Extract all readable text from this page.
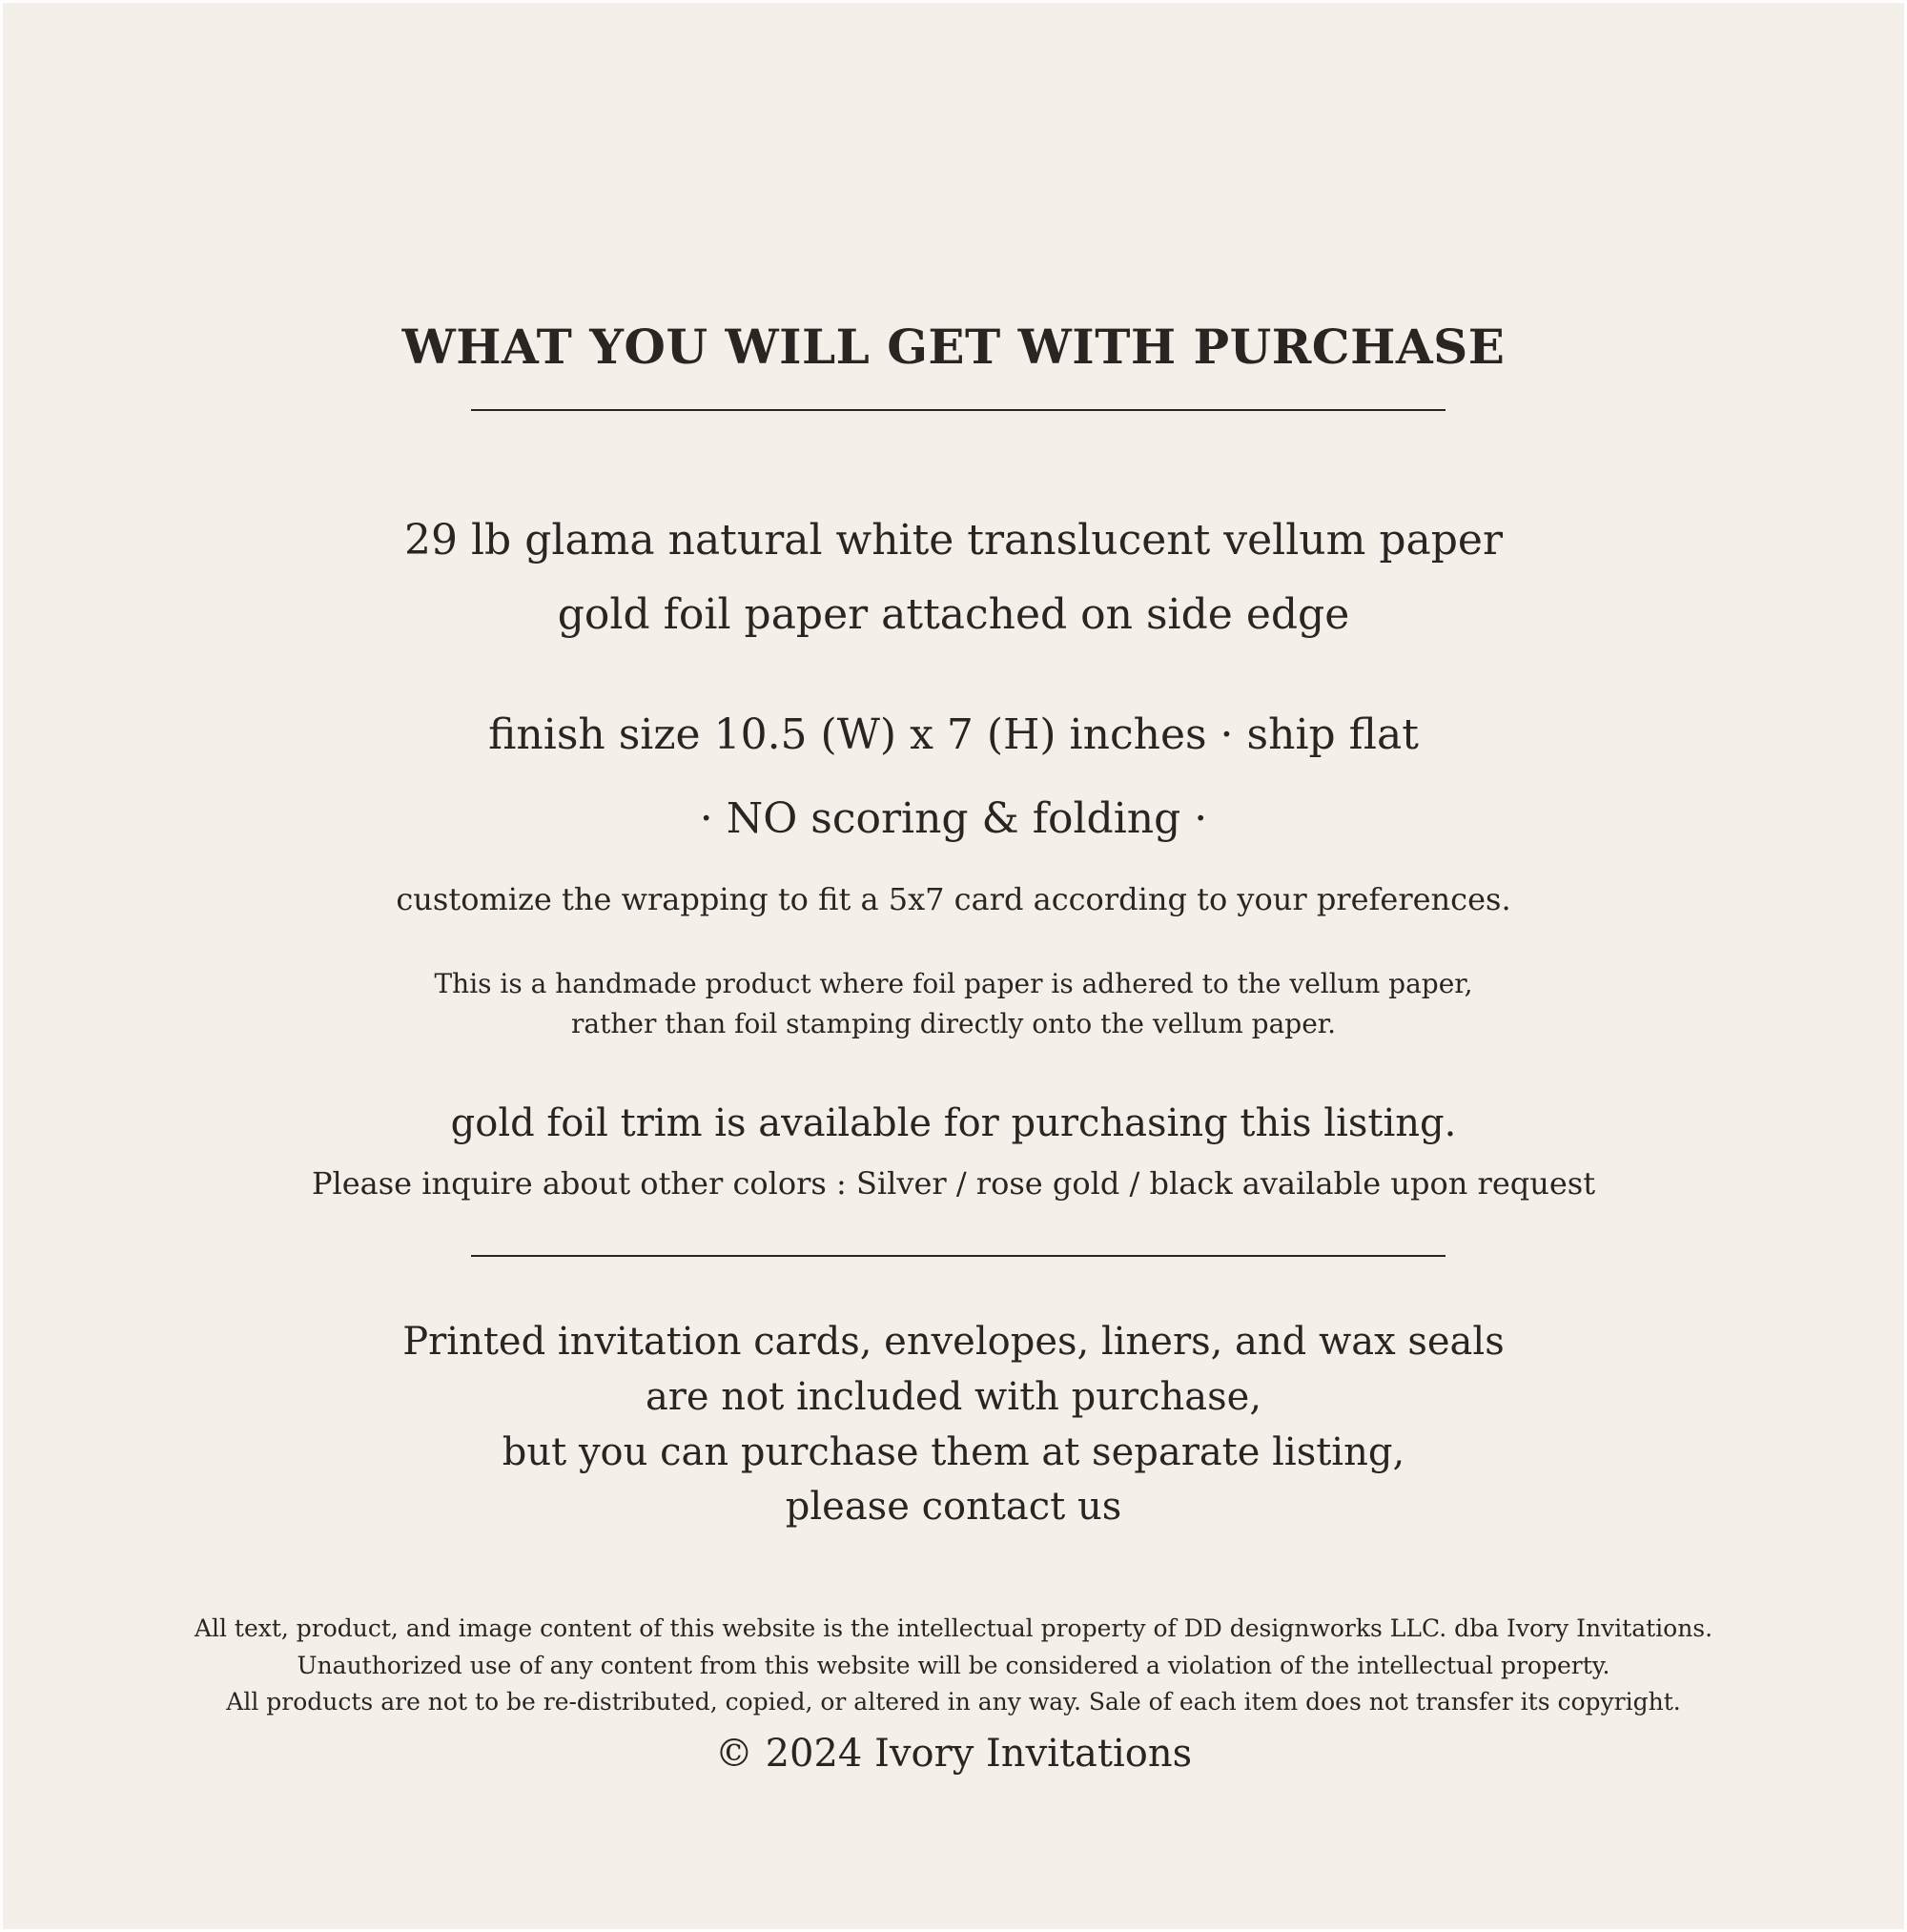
WHAT YOU WILL GET WITH PURCHASE

29 lb glama natural white translucent vellum paper

gold foil paper attached on side edge

finish size 10.5 (W) x 7 (H) inches · ship flat

· NO scoring & folding ·

customize the wrapping to fit a 5x7 card according to your preferences.

This is a handmade product where foil paper is adhered to the vellum paper,

rather than foil stamping directly onto the vellum paper.

gold foil trim is available for purchasing this listing.

Please inquire about other colors : Silver / rose gold / black available upon request

Printed invitation cards, envelopes, liners, and wax seals

are not included with purchase,

but you can purchase them at separate listing,

please contact us

All text, product, and image content of this website is the intellectual property of DD designworks LLC. dba Ivory Invitations.

Unauthorized use of any content from this website will be considered a violation of the intellectual property.

All products are not to be re-distributed, copied, or altered in any way. Sale of each item does not transfer its copyright.

© 2024 Ivory Invitations
